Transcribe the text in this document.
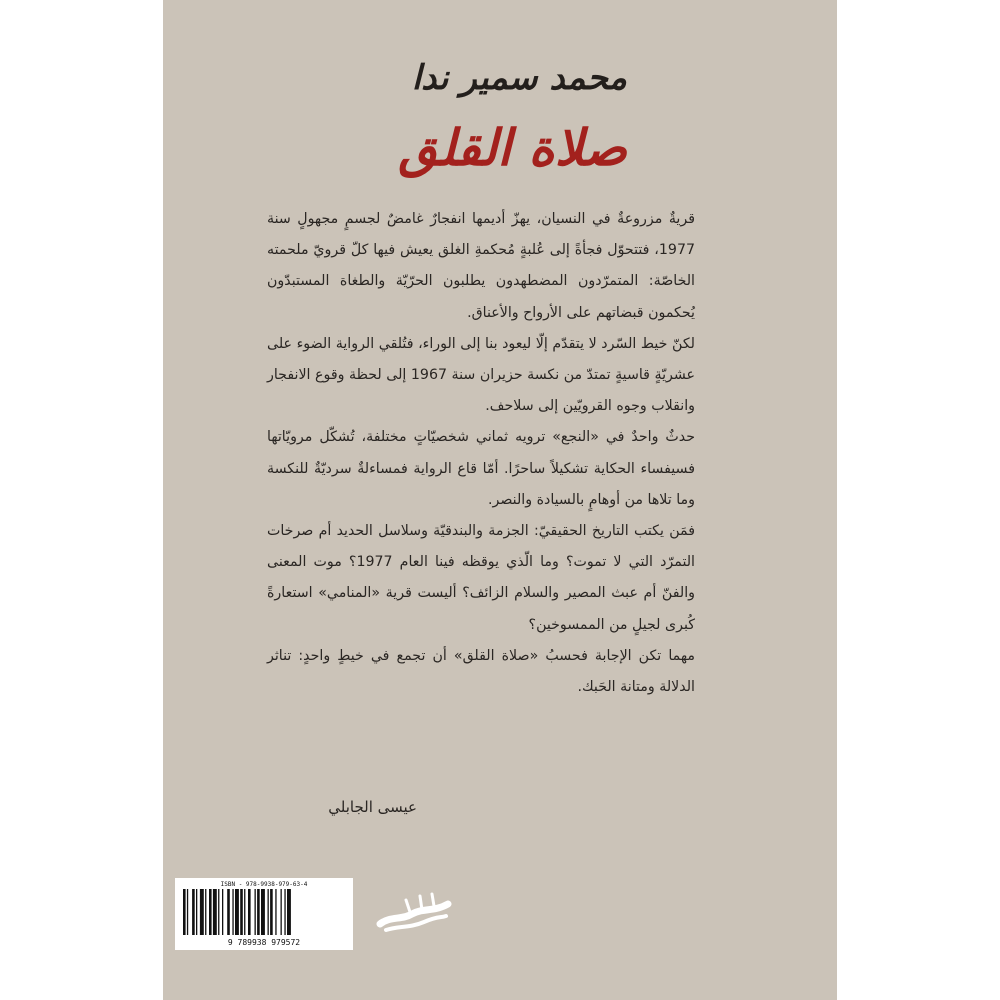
محمد سمير ندا
صلاة القلق

قريةٌ مزروعةٌ في النسيان، يهزّ أديمها انفجارٌ غامضٌ لجسمٍ مجهولٍ سنة 1977، فتتحوّل فجأةً إلى عُلبةٍ مُحكمةِ الغلق يعيش فيها كلّ قرويّ ملحمته الخاصّة: المتمرّدون المضطهدون يطلبون الحرّيّة والطغاة المستبدّون يُحكمون قبضاتهم على الأرواح والأعناق.

لكنّ خيط السّرد لا يتقدّم إلّا ليعود بنا إلى الوراء، فتُلقي الرواية الضوء على عشريّةٍ قاسيةٍ تمتدّ من نكسة حزيران سنة 1967 إلى لحظة وقوع الانفجار وانقلاب وجوه القرويّين إلى سلاحف.

حدثٌ واحدٌ في «النجع» ترويه ثماني شخصيّاتٍ مختلفة، تُشكّل مرويّاتها فسيفساء الحكاية تشكيلاً ساحرًا. أمّا قاع الرواية فمساءلةٌ سرديّةٌ للنكسة وما تلاها من أوهامٍ بالسيادة والنصر.

فمَن يكتب التاريخ الحقيقيّ: الجزمة والبندقيّة وسلاسل الحديد أم صرخات التمرّد التي لا تموت؟ وما الّذي يوقظه فينا العام 1977؟ موت المعنى والفنّ أم عبث المصير والسلام الزائف؟ أليست قرية «المنامي» استعارةً كُبرى لجيلٍ من الممسوخين؟

مهما تكن الإجابة فحسبُ «صلاة القلق» أن تجمع في خيطٍ واحدٍ: تناثر الدلالة ومتانة الحَبك.

عيسى الجابلي
ISBN - 978-9938-979-63-4
9 789938 979572
